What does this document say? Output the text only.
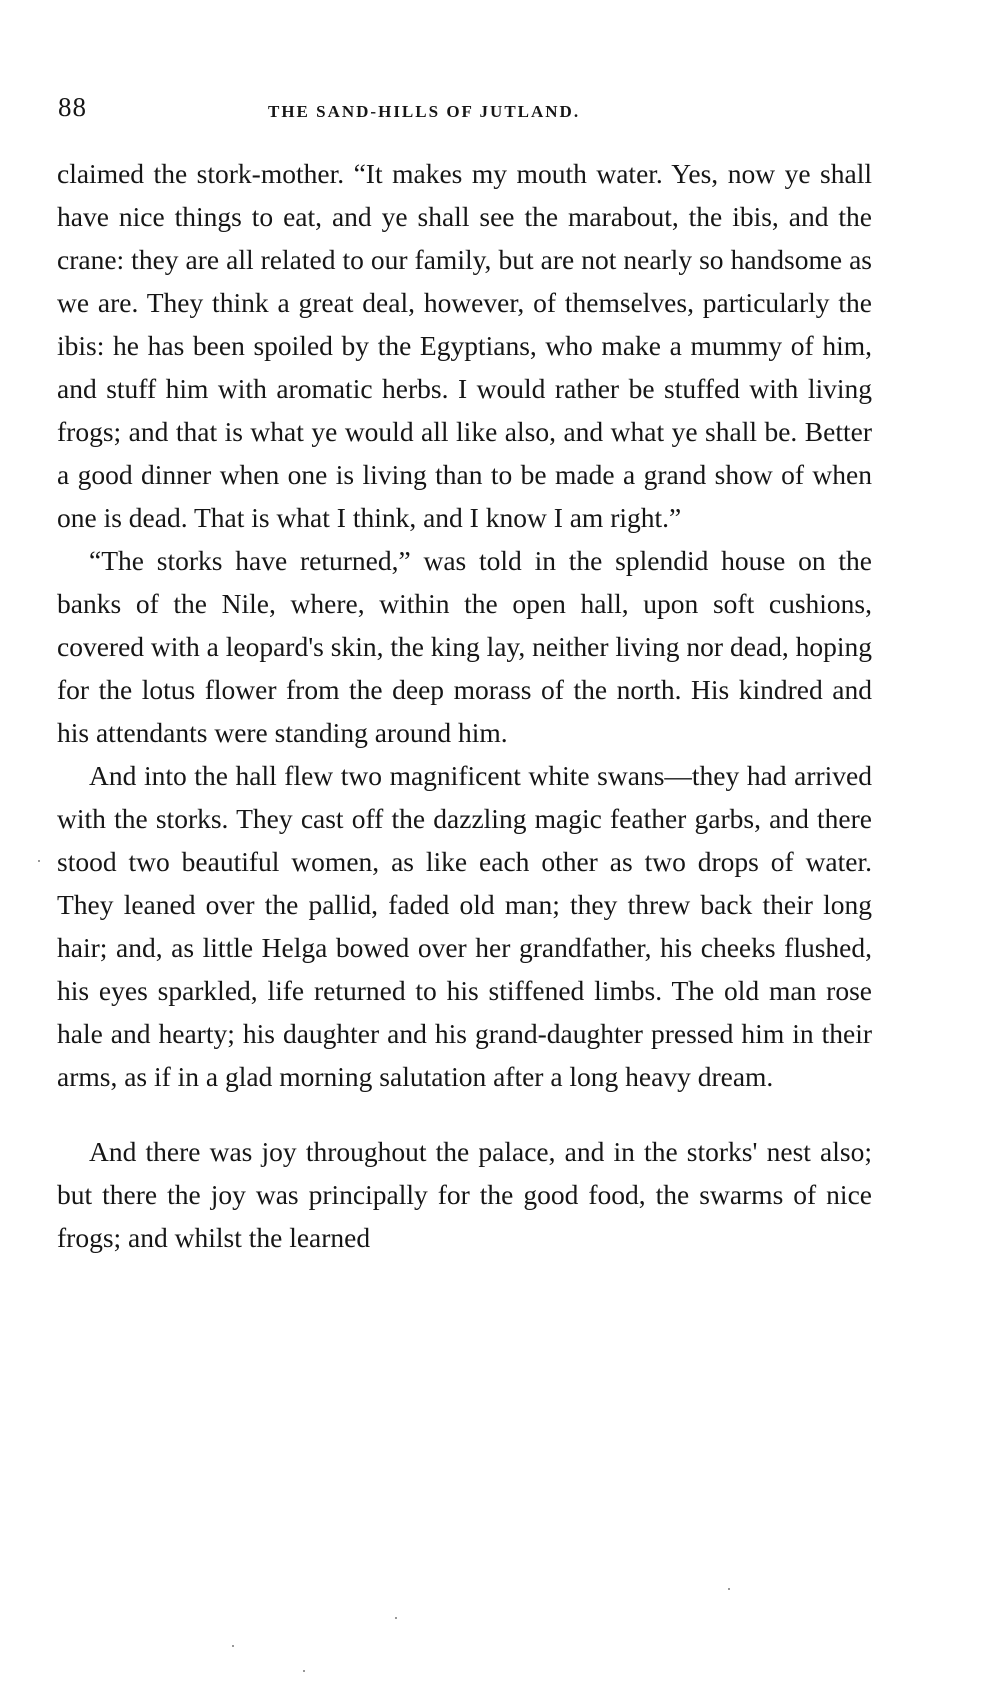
88	THE SAND-HILLS OF JUTLAND.

claimed the stork-mother. “It makes my mouth water. Yes, now ye shall have nice things to eat, and ye shall see the marabout, the ibis, and the crane: they are all related to our family, but are not nearly so handsome as we are. They think a great deal, however, of themselves, particularly the ibis: he has been spoiled by the Egyptians, who make a mummy of him, and stuff him with aromatic herbs. I would rather be stuffed with living frogs; and that is what ye would all like also, and what ye shall be. Better a good dinner when one is living than to be made a grand show of when one is dead. That is what I think, and I know I am right.”

“The storks have returned,” was told in the splendid house on the banks of the Nile, where, within the open hall, upon soft cushions, covered with a leopard's skin, the king lay, neither living nor dead, hoping for the lotus flower from the deep morass of the north. His kindred and his attendants were standing around him.

And into the hall flew two magnificent white swans—they had arrived with the storks. They cast off the dazzling magic feather garbs, and there stood two beautiful women, as like each other as two drops of water. They leaned over the pallid, faded old man; they threw back their long hair; and, as little Helga bowed over her grandfather, his cheeks flushed, his eyes sparkled, life returned to his stiffened limbs. The old man rose hale and hearty; his daughter and his grand-daughter pressed him in their arms, as if in a glad morning salutation after a long heavy dream.

And there was joy throughout the palace, and in the storks' nest also; but there the joy was principally for the good food, the swarms of nice frogs; and whilst the learned
